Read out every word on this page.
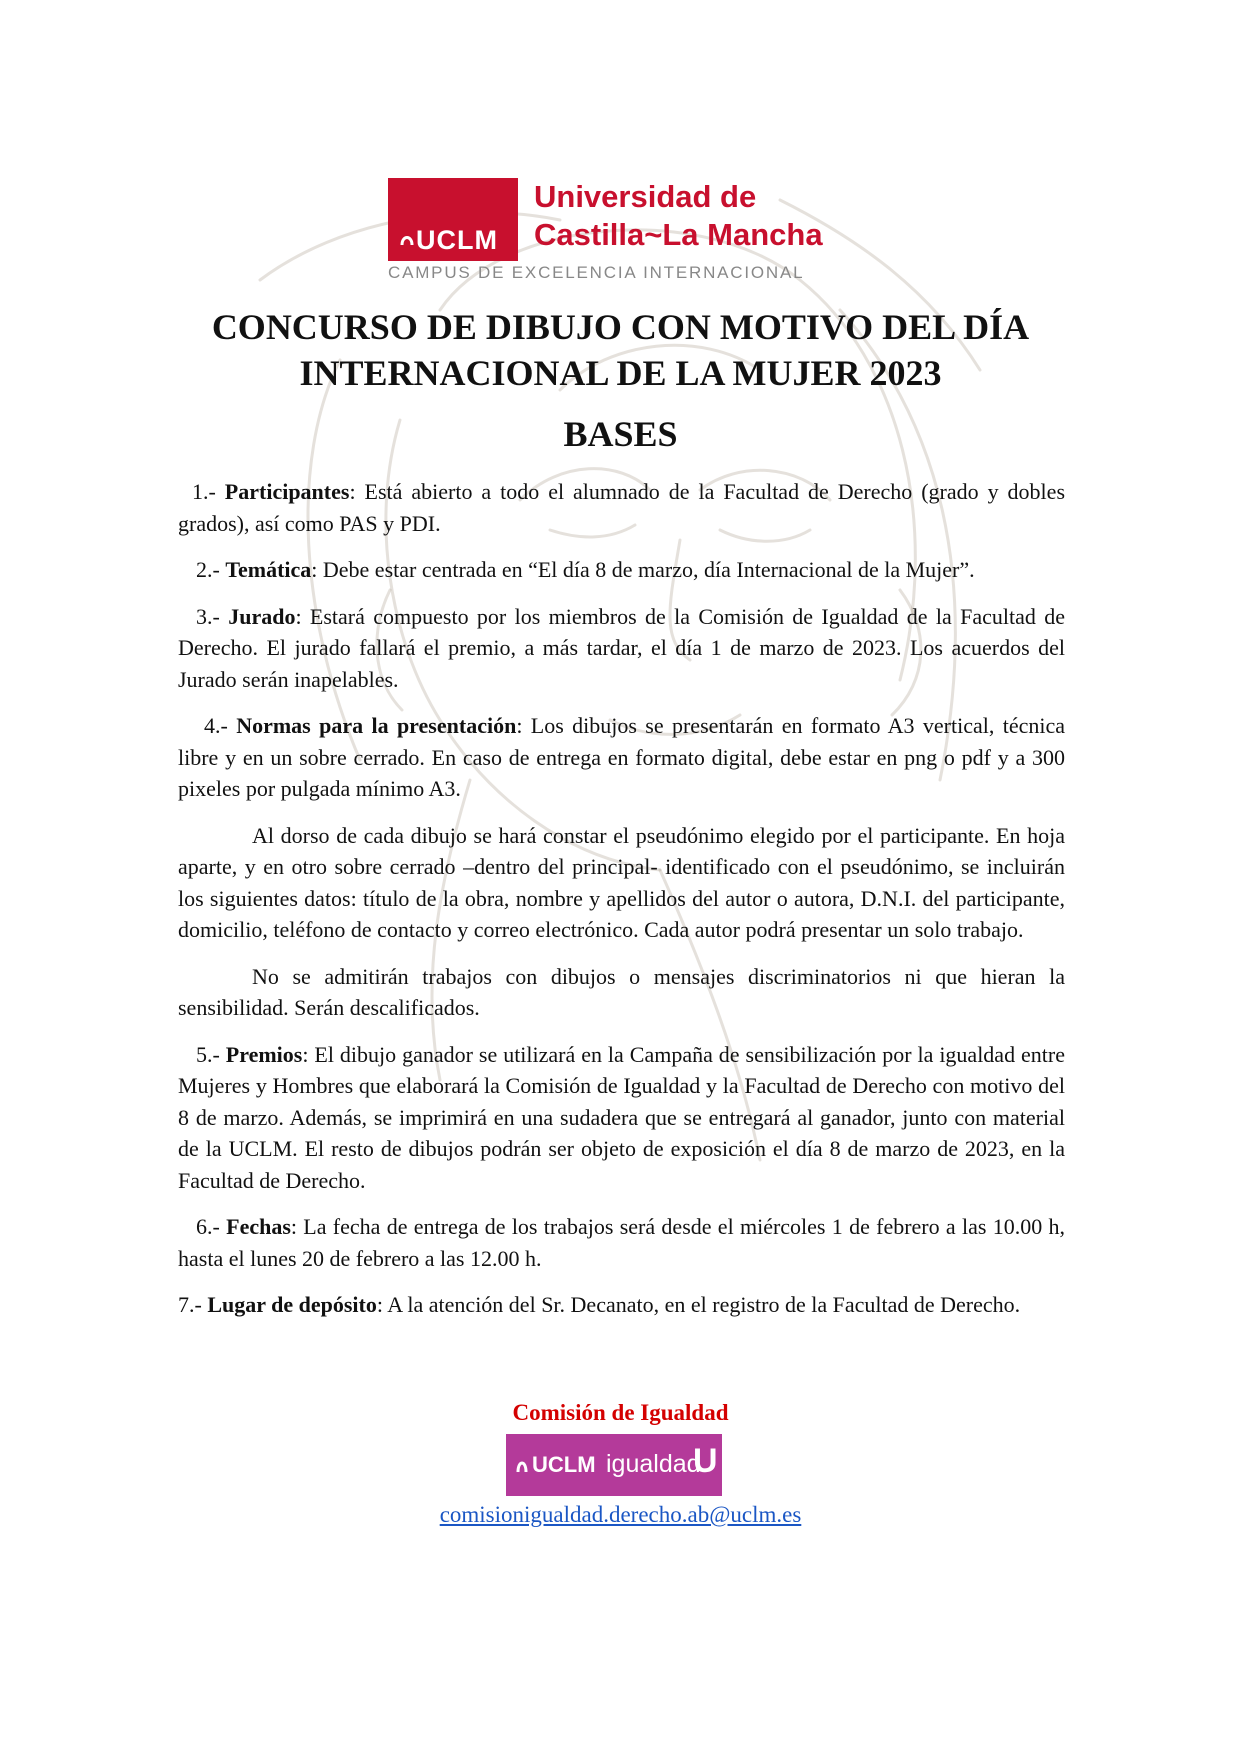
UCLM
Universidad de
Castilla~La Mancha
CAMPUS DE EXCELENCIA INTERNACIONAL
CONCURSO DE DIBUJO CON MOTIVO DEL DÍA
INTERNACIONAL DE LA MUJER 2023
BASES

1.- Participantes: Está abierto a todo el alumnado de la Facultad de Derecho (grado y dobles grados), así como PAS y PDI.

2.- Temática: Debe estar centrada en “El día 8 de marzo, día Internacional de la Mujer”.

3.- Jurado: Estará compuesto por los miembros de la Comisión de Igualdad de la Facultad de Derecho. El jurado fallará el premio, a más tardar, el día 1 de marzo de 2023. Los acuerdos del Jurado serán inapelables.

4.- Normas para la presentación: Los dibujos se presentarán en formato A3 vertical, técnica libre y en un sobre cerrado. En caso de entrega en formato digital, debe estar en png o pdf y a 300 pixeles por pulgada mínimo A3.

Al dorso de cada dibujo se hará constar el pseudónimo elegido por el participante. En hoja aparte, y en otro sobre cerrado –dentro del principal- identificado con el pseudónimo, se incluirán los siguientes datos: título de la obra, nombre y apellidos del autor o autora, D.N.I. del participante, domicilio, teléfono de contacto y correo electrónico. Cada autor podrá presentar un solo trabajo.

No se admitirán trabajos con dibujos o mensajes discriminatorios ni que hieran la sensibilidad. Serán descalificados.

5.- Premios: El dibujo ganador se utilizará en la Campaña de sensibilización por la igualdad entre Mujeres y Hombres que elaborará la Comisión de Igualdad y la Facultad de Derecho con motivo del 8 de marzo. Además, se imprimirá en una sudadera que se entregará al ganador, junto con material de la UCLM. El resto de dibujos podrán ser objeto de exposición el día 8 de marzo de 2023, en la Facultad de Derecho.

6.- Fechas: La fecha de entrega de los trabajos será desde el miércoles 1 de febrero a las 10.00 h, hasta el lunes 20 de febrero a las 12.00 h.

7.- Lugar de depósito: A la atención del Sr. Decanato, en el registro de la Facultad de Derecho.

Comisión de Igualdad
UCLM igualdad
U
comisionigualdad.derecho.ab@uclm.es
